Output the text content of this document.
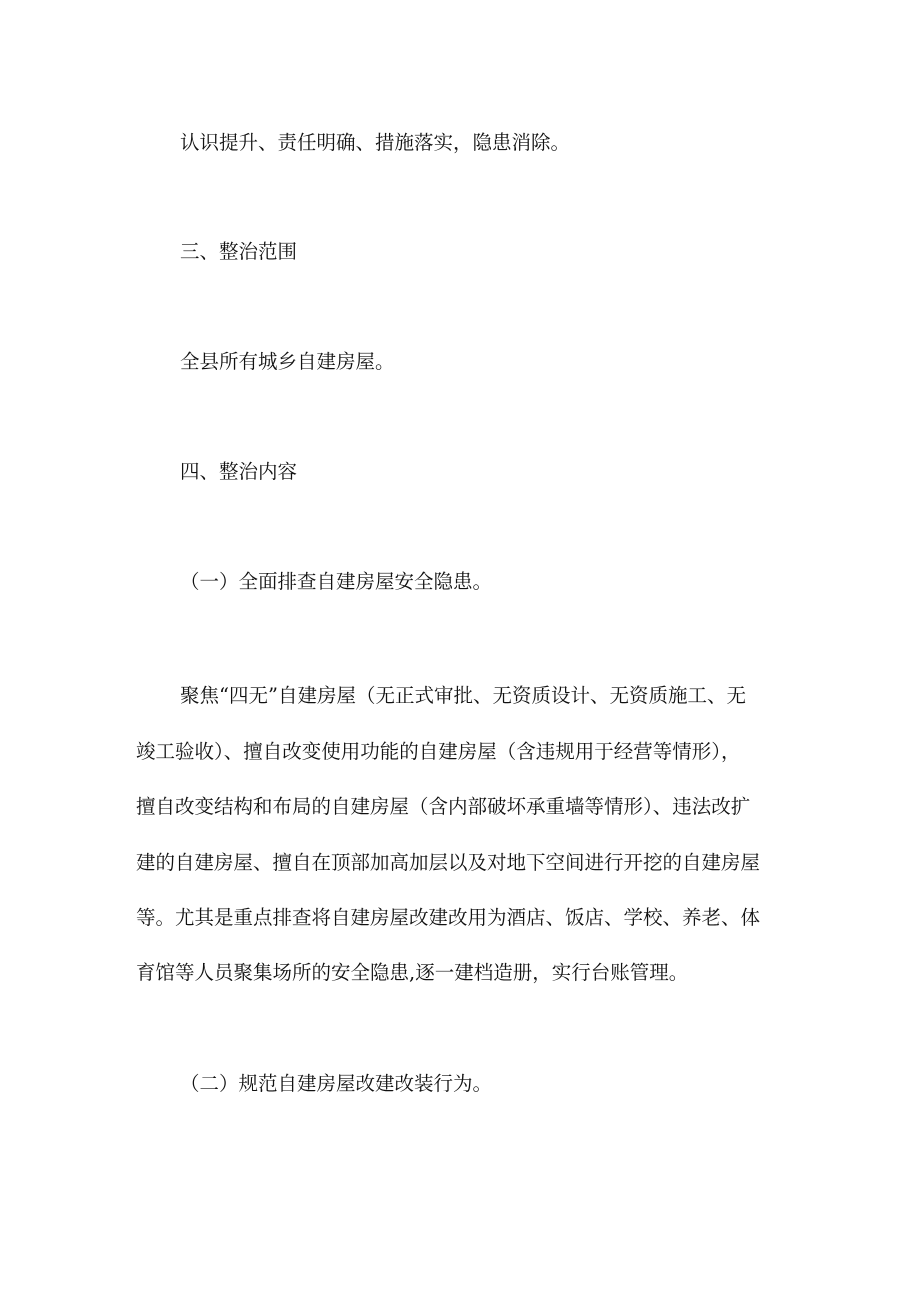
认识提升、责任明确、措施落实，隐患消除。
三、整治范围
全县所有城乡自建房屋。
四、整治内容
（一）全面排查自建房屋安全隐患。
聚焦“四无”自建房屋（无正式审批、无资质设计、无资质施工、无
竣工验收）、擅自改变使用功能的自建房屋（含违规用于经营等情形），
擅自改变结构和布局的自建房屋（含内部破坏承重墙等情形）、违法改扩
建的自建房屋、擅自在顶部加高加层以及对地下空间进行开挖的自建房屋
等。尤其是重点排查将自建房屋改建改用为酒店、饭店、学校、养老、体
育馆等人员聚集场所的安全隐患,逐一建档造册，实行台账管理。
（二）规范自建房屋改建改装行为。
